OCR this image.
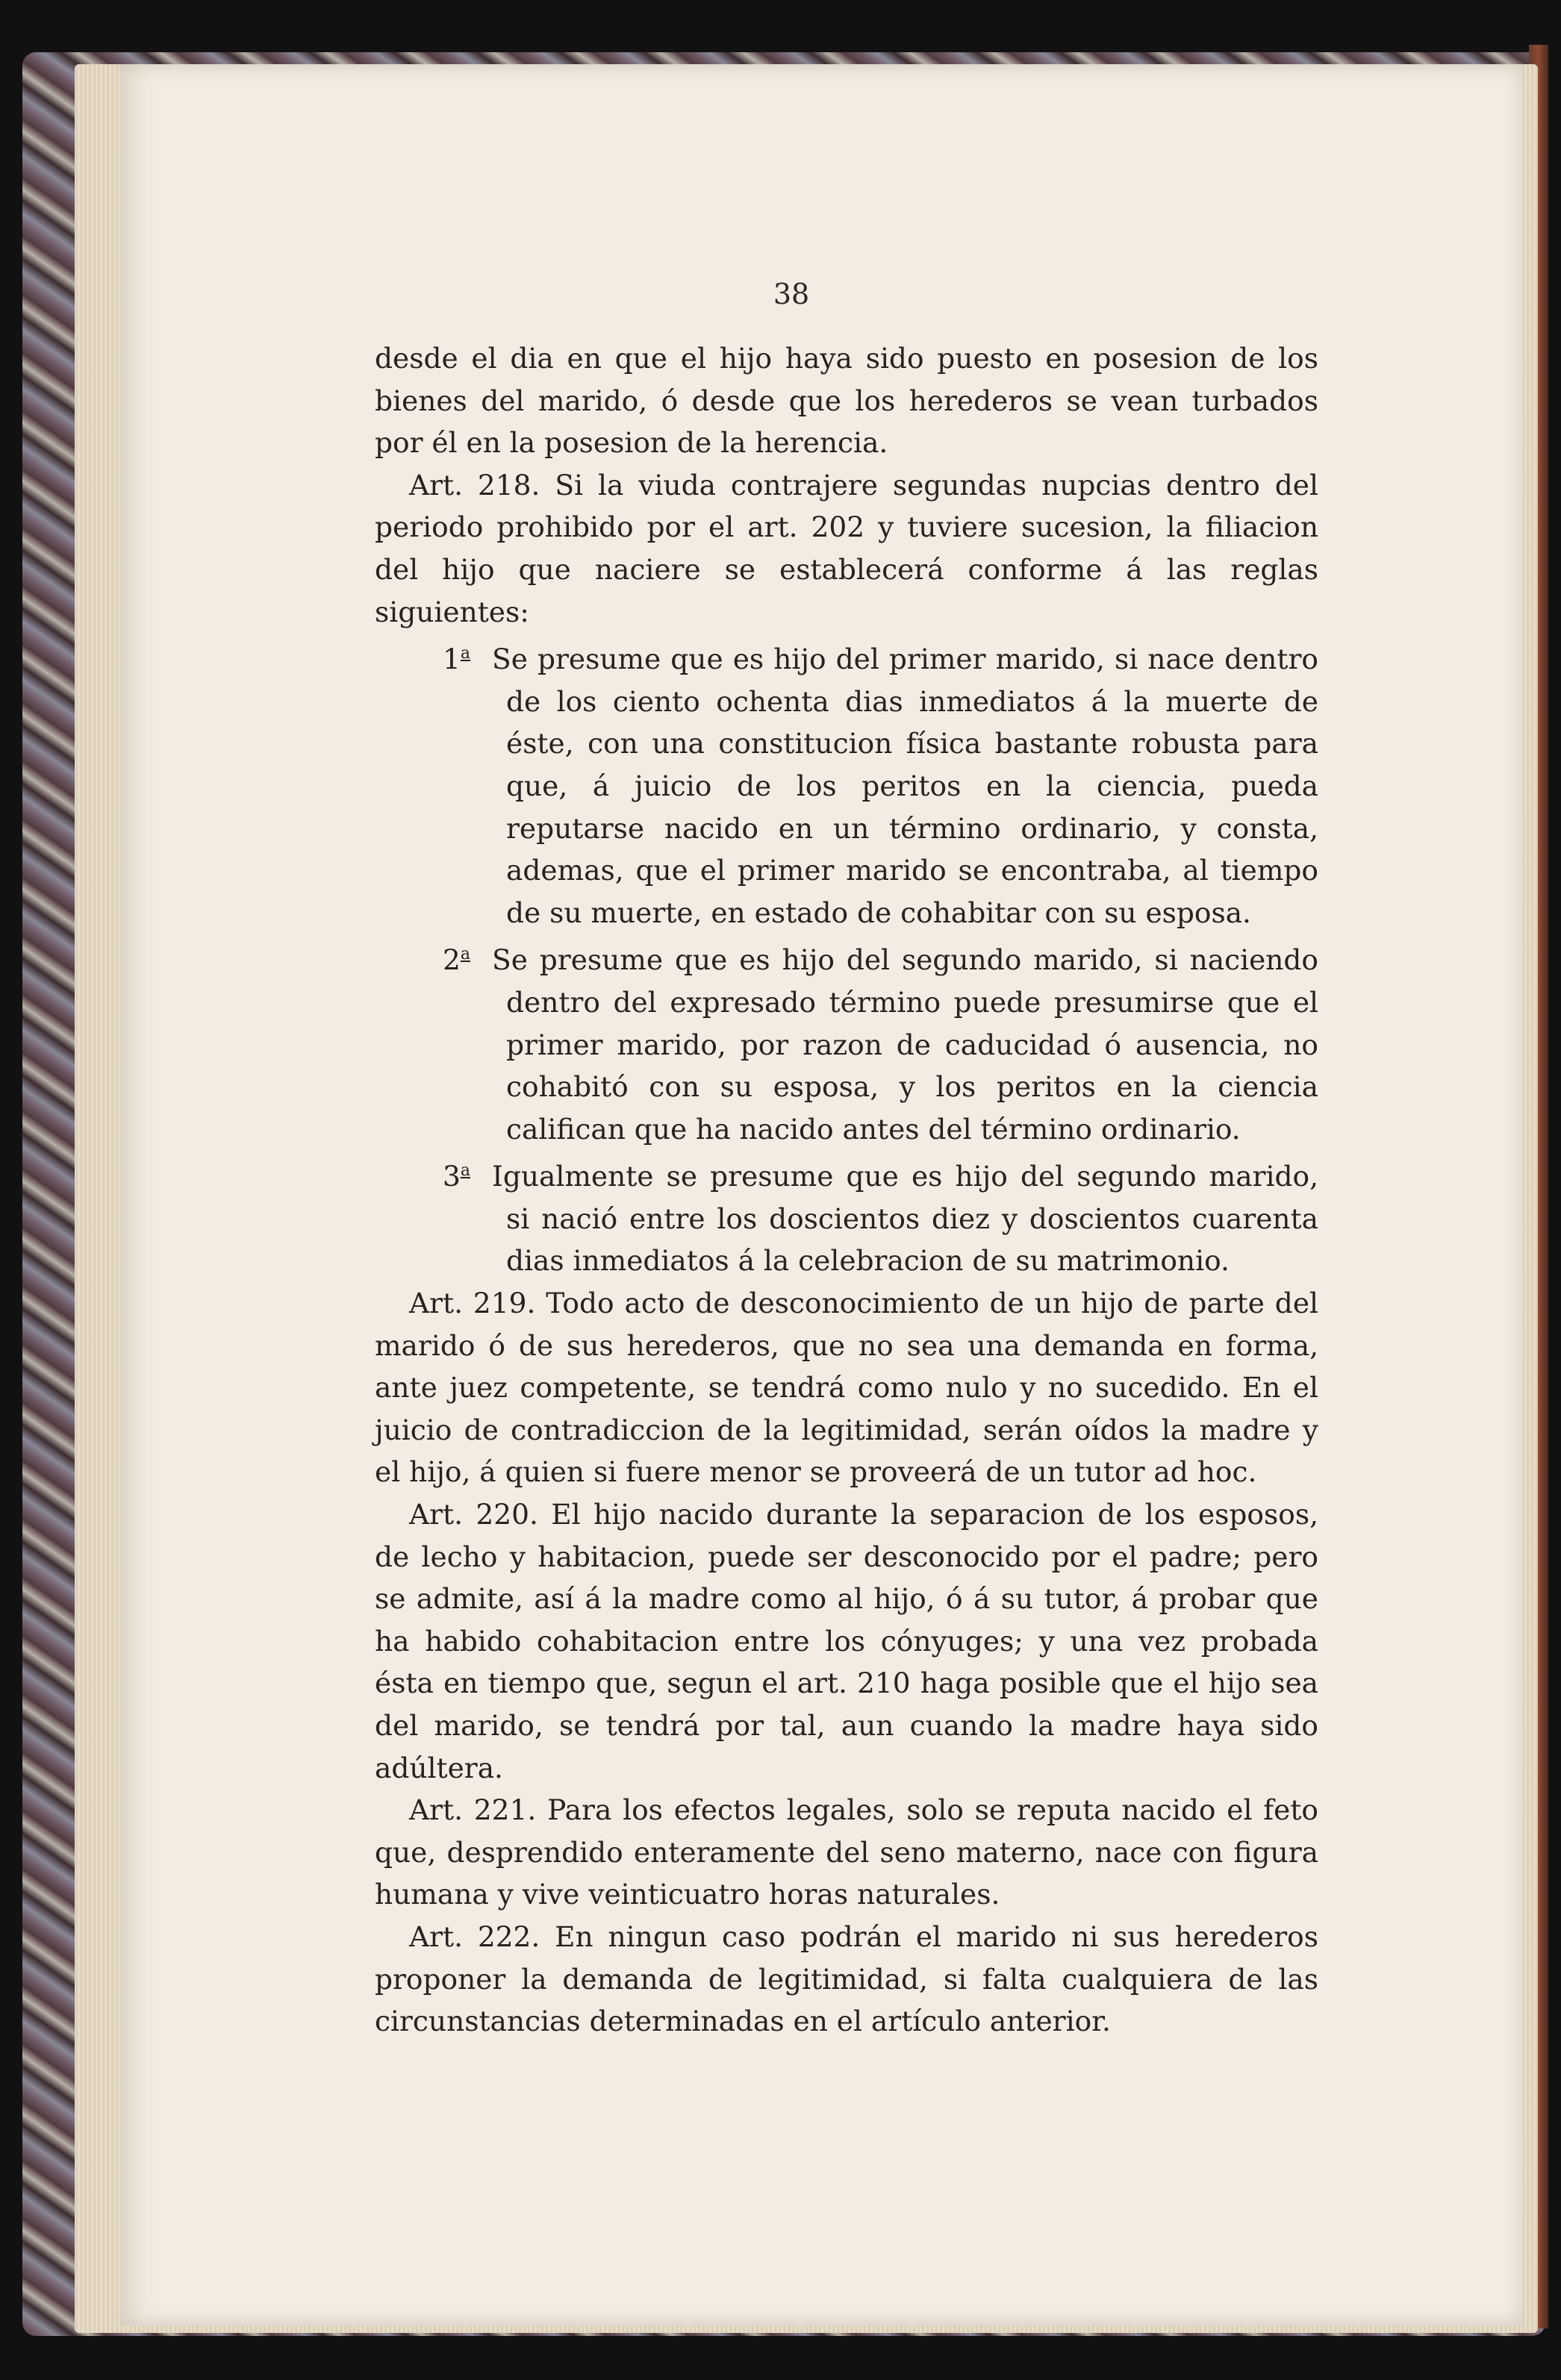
38

desde el dia en que el hijo haya sido puesto en posesion de los bienes del marido, ó desde que los herederos se vean turbados por él en la posesion de la herencia.

Art. 218. Si la viuda contrajere segundas nupcias dentro del periodo prohibido por el art. 202 y tuviere sucesion, la filiacion del hijo que naciere se establecerá conforme á las reglas siguientes:

1$^a$ Se presume que es hijo del primer marido, si nace dentro de los ciento ochenta dias inmediatos á la muerte de éste, con una constitucion física bastante robusta para que, á juicio de los peritos en la ciencia, pueda reputarse nacido en un término ordinario, y consta, ademas, que el primer marido se encontraba, al tiempo de su muerte, en estado de cohabitar con su esposa.

2$^a$ Se presume que es hijo del segundo marido, si naciendo dentro del expresado término puede presumirse que el primer marido, por razon de caducidad ó ausencia, no cohabitó con su esposa, y los peritos en la ciencia califican que ha nacido antes del término ordinario.

3$^a$ Igualmente se presume que es hijo del segundo marido, si nació entre los doscientos diez y doscientos cuarenta dias inmediatos á la celebracion de su matrimonio.

Art. 219. Todo acto de desconocimiento de un hijo de parte del marido ó de sus herederos, que no sea una demanda en forma, ante juez competente, se tendrá como nulo y no sucedido. En el juicio de contradiccion de la legitimidad, serán oídos la madre y el hijo, á quien si fuere menor se proveerá de un tutor ad hoc.

Art. 220. El hijo nacido durante la separacion de los esposos, de lecho y habitacion, puede ser desconocido por el padre; pero se admite, así á la madre como al hijo, ó á su tutor, á probar que ha habido cohabitacion entre los cónyuges; y una vez probada ésta en tiempo que, segun el art. 210 haga posible que el hijo sea del marido, se tendrá por tal, aun cuando la madre haya sido adúltera.

Art. 221. Para los efectos legales, solo se reputa nacido el feto que, desprendido enteramente del seno materno, nace con figura humana y vive veinticuatro horas naturales.

Art. 222. En ningun caso podrán el marido ni sus herederos proponer la demanda de legitimidad, si falta cualquiera de las circunstancias determinadas en el artículo anterior.
